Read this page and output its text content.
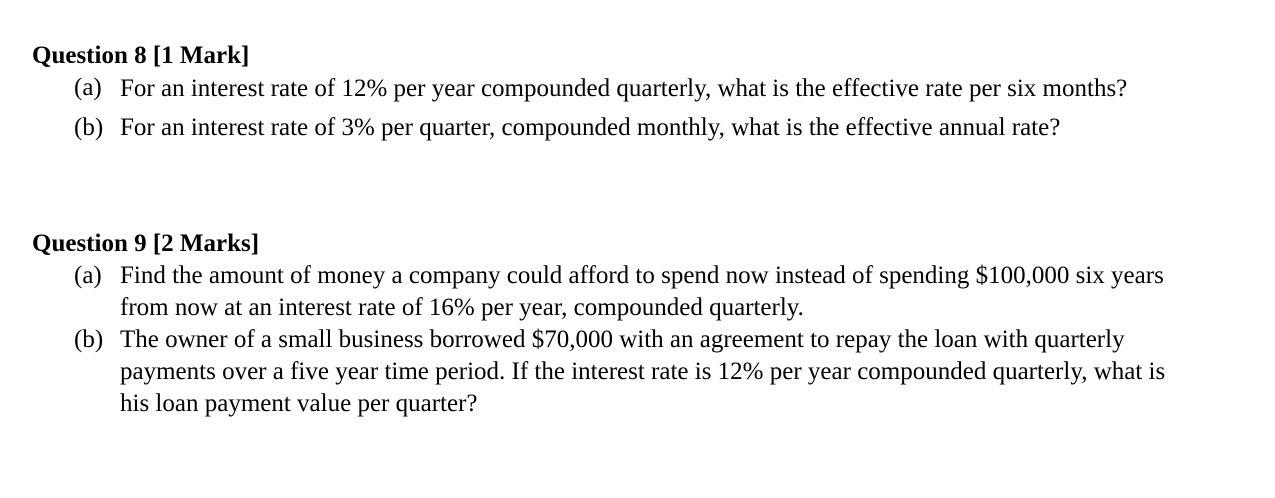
Question 8 [1 Mark]
(a) For an interest rate of 12% per year compounded quarterly, what is the effective rate per six months?
(b) For an interest rate of 3% per quarter, compounded monthly, what is the effective annual rate?
Question 9 [2 Marks]
(a) Find the amount of money a company could afford to spend now instead of spending $100,000 six years from now at an interest rate of 16% per year, compounded quarterly.
(b) The owner of a small business borrowed $70,000 with an agreement to repay the loan with quarterly payments over a five year time period. If the interest rate is 12% per year compounded quarterly, what is his loan payment value per quarter?
